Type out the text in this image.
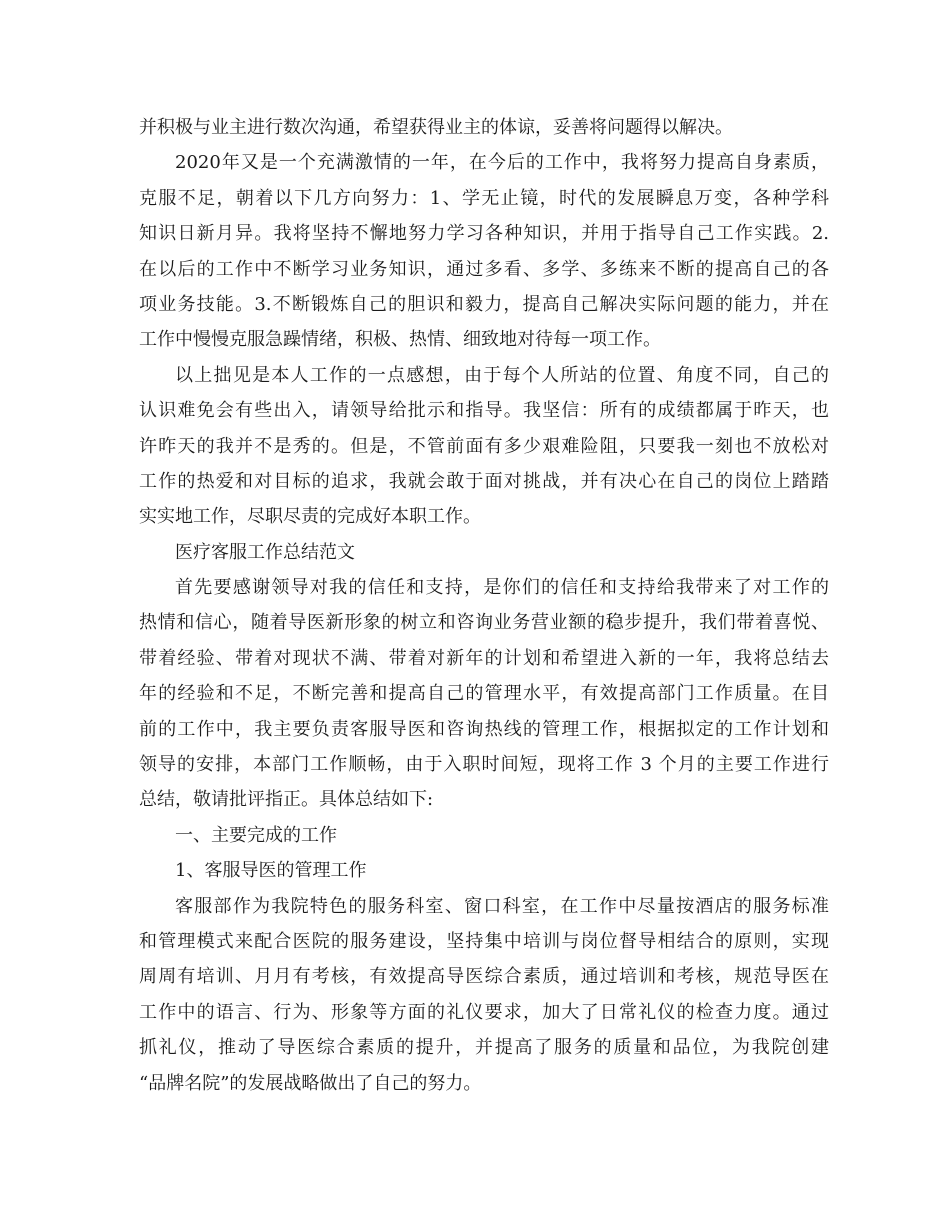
并积极与业主进行数次沟通，希望获得业主的体谅，妥善将问题得以解决。
2020年又是一个充满激情的一年，在今后的工作中，我将努力提高自身素质，
克服不足，朝着以下几方向努力：1、学无止镜，时代的发展瞬息万变，各种学科
知识日新月异。我将坚持不懈地努力学习各种知识，并用于指导自己工作实践。2.
在以后的工作中不断学习业务知识，通过多看、多学、多练来不断的提高自己的各
项业务技能。3.不断锻炼自己的胆识和毅力，提高自己解决实际问题的能力，并在
工作中慢慢克服急躁情绪，积极、热情、细致地对待每一项工作。
以上拙见是本人工作的一点感想，由于每个人所站的位置、角度不同，自己的
认识难免会有些出入，请领导给批示和指导。我坚信：所有的成绩都属于昨天，也
许昨天的我并不是秀的。但是，不管前面有多少艰难险阻，只要我一刻也不放松对
工作的热爱和对目标的追求，我就会敢于面对挑战，并有决心在自己的岗位上踏踏
实实地工作，尽职尽责的完成好本职工作。
医疗客服工作总结范文
首先要感谢领导对我的信任和支持，是你们的信任和支持给我带来了对工作的
热情和信心，随着导医新形象的树立和咨询业务营业额的稳步提升，我们带着喜悦、
带着经验、带着对现状不满、带着对新年的计划和希望进入新的一年，我将总结去
年的经验和不足，不断完善和提高自己的管理水平，有效提高部门工作质量。在目
前的工作中，我主要负责客服导医和咨询热线的管理工作，根据拟定的工作计划和
领导的安排，本部门工作顺畅，由于入职时间短，现将工作 3 个月的主要工作进行
总结，敬请批评指正。具体总结如下:
一、主要完成的工作
1、客服导医的管理工作
客服部作为我院特色的服务科室、窗口科室，在工作中尽量按酒店的服务标准
和管理模式来配合医院的服务建设，坚持集中培训与岗位督导相结合的原则，实现
周周有培训、月月有考核，有效提高导医综合素质，通过培训和考核，规范导医在
工作中的语言、行为、形象等方面的礼仪要求，加大了日常礼仪的检查力度。通过
抓礼仪，推动了导医综合素质的提升，并提高了服务的质量和品位，为我院创建
“品牌名院”的发展战略做出了自己的努力。
